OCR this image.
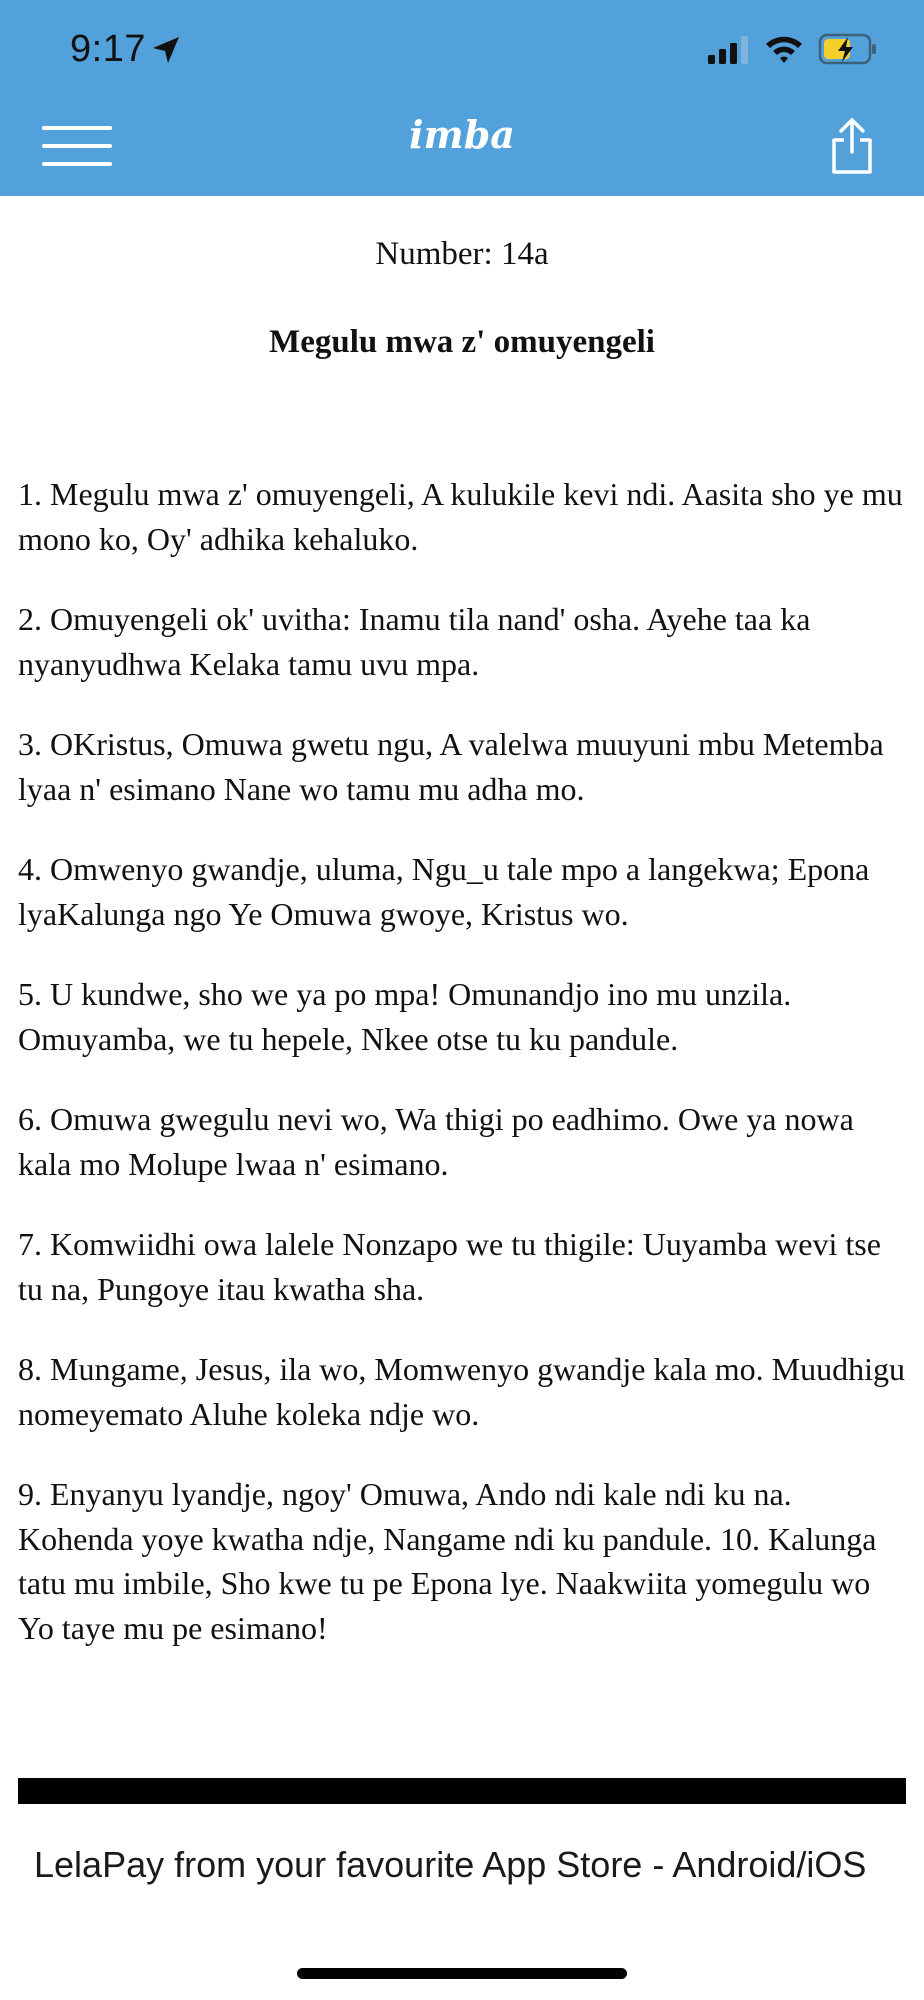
9:17
imba
Number: 14a
Megulu mwa z' omuyengeli
1. Megulu mwa z' omuyengeli, A kulukile kevi ndi. Aasita sho ye mu mono ko, Oy' adhika kehaluko.
2. Omuyengeli ok' uvitha: Inamu tila nand' osha. Ayehe taa ka nyanyudhwa Kelaka tamu uvu mpa.
3. OKristus, Omuwa gwetu ngu, A valelwa muuyuni mbu Metemba lyaa n' esimano Nane wo tamu mu adha mo.
4. Omwenyo gwandje, uluma, Ngu_u tale mpo a langekwa; Epona lyaKalunga ngo Ye Omuwa gwoye, Kristus wo.
5. U kundwe, sho we ya po mpa! Omunandjo ino mu unzila. Omuyamba, we tu hepele, Nkee otse tu ku pandule.
6. Omuwa gwegulu nevi wo, Wa thigi po eadhimo. Owe ya nowa kala mo Molupe lwaa n' esimano.
7. Komwiidhi owa lalele Nonzapo we tu thigile: Uuyamba wevi tse tu na, Pungoye itau kwatha sha.
8. Mungame, Jesus, ila wo, Momwenyo gwandje kala mo. Muudhigu nomeyemato Aluhe koleka ndje wo.
9. Enyanyu lyandje, ngoy' Omuwa, Ando ndi kale ndi ku na. Kohenda yoye kwatha ndje, Nangame ndi ku pandule. 10. Kalunga tatu mu imbile, Sho kwe tu pe Epona lye. Naakwiita yomegulu wo Yo taye mu pe esimano!
LelaPay from your favourite App Store - Android/iOS
